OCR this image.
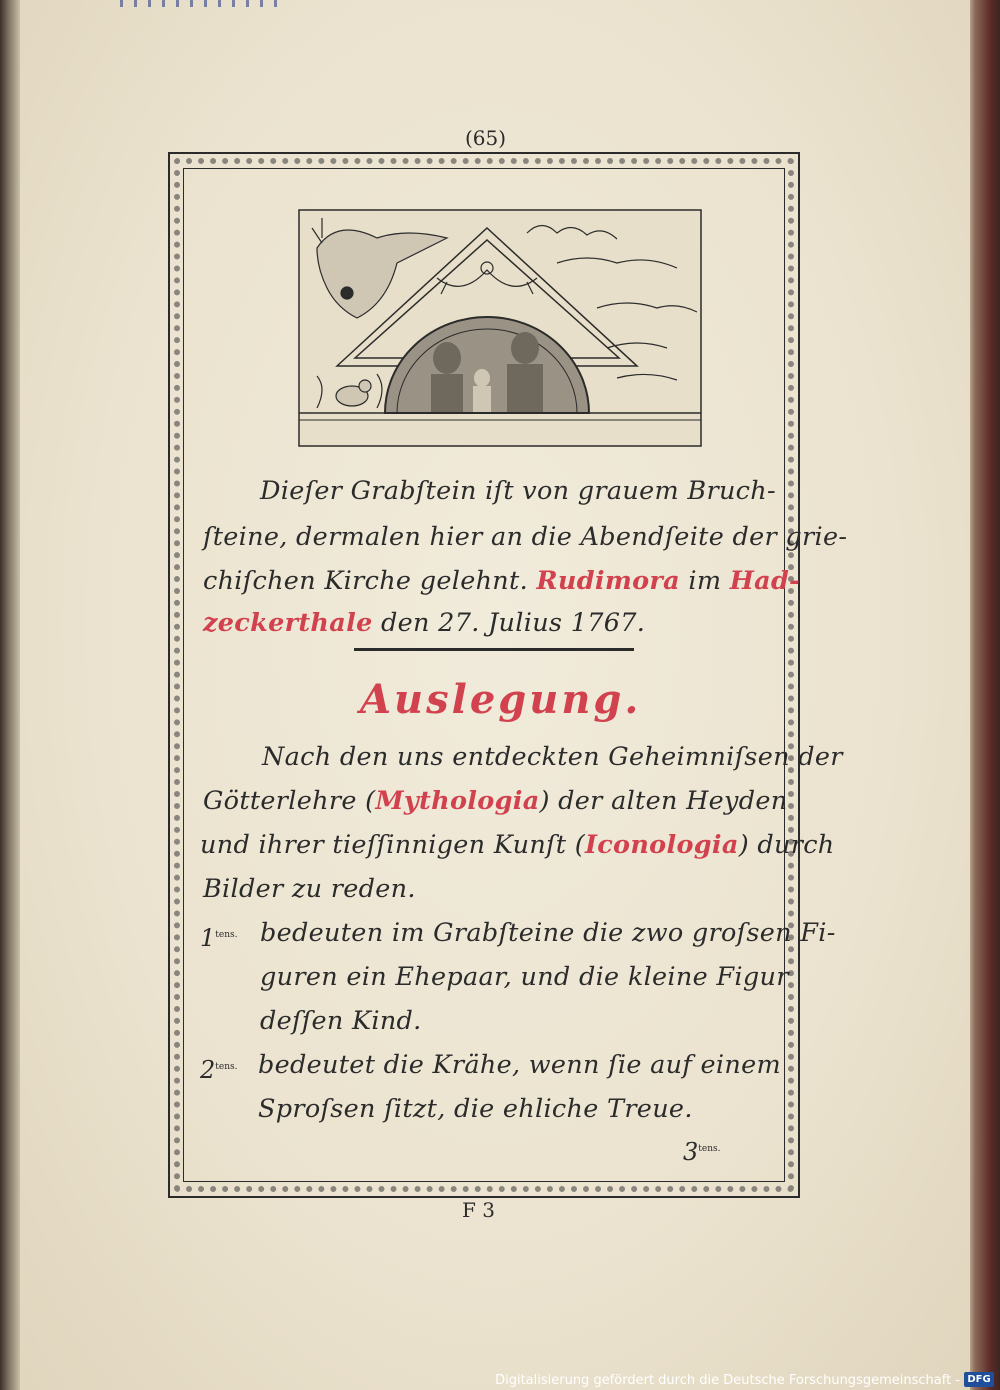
(65)
Dieſer Grabſtein iſt von grauem Bruch-
ſteine, dermalen hier an die Abendſeite der grie-
chiſchen Kirche gelehnt. Rudimora im Had-
zeckerthale den 27. Julius 1767.
Auslegung.
Nach den uns entdeckten Geheimniſsen der
Götterlehre (Mythologia) der alten Heyden
und ihrer tieſſinnigen Kunſt (Iconologia) durch
Bilder zu reden.
$1^{tens.}$ bedeuten im Grabſteine die zwo groſsen Fi-
guren ein Ehepaar, und die kleine Figur
deſſen Kind.
$2^{tens.}$ bedeutet die Krähe, wenn ſie auf einem
Sproſsen ſitzt, die ehliche Treue.
$3^{tens.}$
F 3
Digitalisierung gefördert durch die Deutsche Forschungsgemeinschaft - DFG
